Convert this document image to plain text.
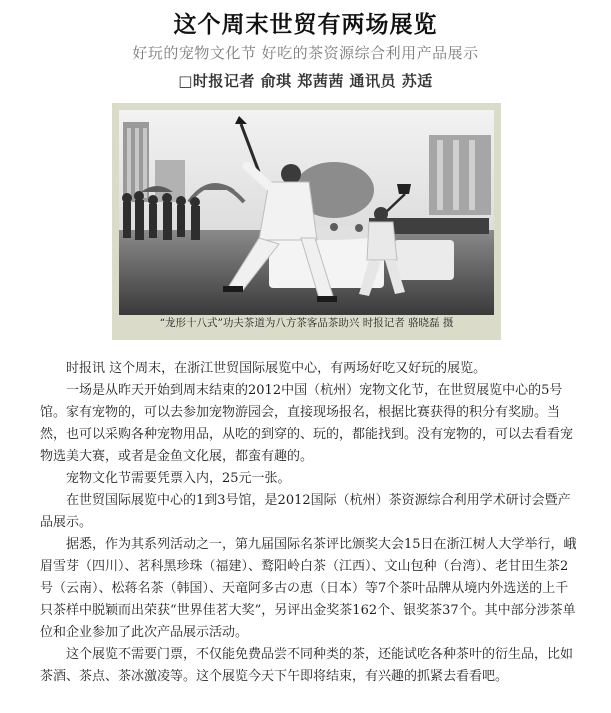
这个周末世贸有两场展览
好玩的宠物文化节 好吃的茶资源综合利用产品展示
□时报记者 俞琪 郑茜茜 通讯员 苏适
“龙形十八式”功夫茶道为八方茶客品茶助兴 时报记者 骆晓磊 摄

时报讯 这个周末，在浙江世贸国际展览中心，有两场好吃又好玩的展览。

一场是从昨天开始到周末结束的2012中国（杭州）宠物文化节，在世贸展览中心的5号馆。家有宠物的，可以去参加宠物游园会，直接现场报名，根据比赛获得的积分有奖励。当然，也可以采购各种宠物用品，从吃的到穿的、玩的，都能找到。没有宠物的，可以去看看宠物选美大赛，或者是金鱼文化展，都蛮有趣的。

宠物文化节需要凭票入内，25元一张。

在世贸国际展览中心的1到3号馆，是2012国际（杭州）茶资源综合利用学术研讨会暨产品展示。

据悉，作为其系列活动之一，第九届国际名茶评比颁奖大会15日在浙江树人大学举行，峨眉雪芽（四川）、茗科黑珍珠（福建）、鹜阳岭白茶（江西）、文山包种（台湾）、老甘田生茶2号（云南）、松蒋名茶（韩国）、天竜阿多古の恵（日本）等7个茶叶品牌从境内外选送的上千只茶样中脱颖而出荣获“世界佳茗大奖”，另评出金奖茶162个、银奖茶37个。其中部分涉茶单位和企业参加了此次产品展示活动。

这个展览不需要门票，不仅能免费品尝不同种类的茶，还能试吃各种茶叶的衍生品，比如茶酒、茶点、茶冰激凌等。这个展览今天下午即将结束，有兴趣的抓紧去看看吧。
